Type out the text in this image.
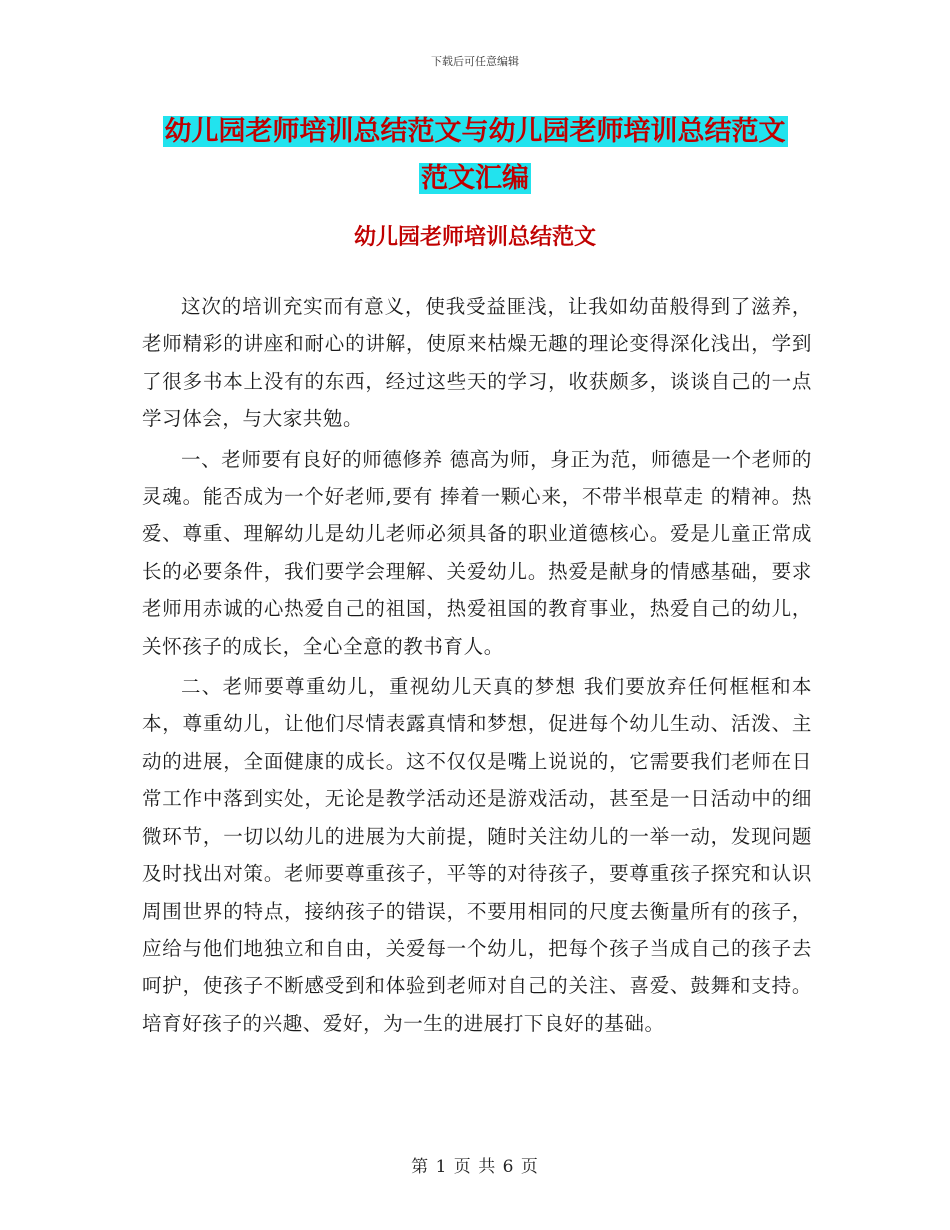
下载后可任意编辑
幼儿园老师培训总结范文与幼儿园老师培训总结范文
范文汇编
幼儿园老师培训总结范文

这次的培训充实而有意义，使我受益匪浅，让我如幼苗般得到了滋养，老师精彩的讲座和耐心的讲解，使原来枯燥无趣的理论变得深化浅出，学到了很多书本上没有的东西，经过这些天的学习，收获颇多，谈谈自己的一点学习体会，与大家共勉。

一、老师要有良好的师德修养 德高为师，身正为范，师德是一个老师的灵魂。能否成为一个好老师,要有 捧着一颗心来，不带半根草走 的精神。热爱、尊重、理解幼儿是幼儿老师必须具备的职业道德核心。爱是儿童正常成长的必要条件，我们要学会理解、关爱幼儿。热爱是献身的情感基础，要求老师用赤诚的心热爱自己的祖国，热爱祖国的教育事业，热爱自己的幼儿，关怀孩子的成长，全心全意的教书育人。

二、老师要尊重幼儿，重视幼儿天真的梦想 我们要放弃任何框框和本本，尊重幼儿，让他们尽情表露真情和梦想，促进每个幼儿生动、活泼、主动的进展，全面健康的成长。这不仅仅是嘴上说说的，它需要我们老师在日常工作中落到实处，无论是教学活动还是游戏活动，甚至是一日活动中的细微环节，一切以幼儿的进展为大前提，随时关注幼儿的一举一动，发现问题及时找出对策。老师要尊重孩子，平等的对待孩子，要尊重孩子探究和认识周围世界的特点，接纳孩子的错误，不要用相同的尺度去衡量所有的孩子，应给与他们地独立和自由，关爱每一个幼儿，把每个孩子当成自己的孩子去呵护，使孩子不断感受到和体验到老师对自己的关注、喜爱、鼓舞和支持。培育好孩子的兴趣、爱好，为一生的进展打下良好的基础。

第 1 页 共 6 页
